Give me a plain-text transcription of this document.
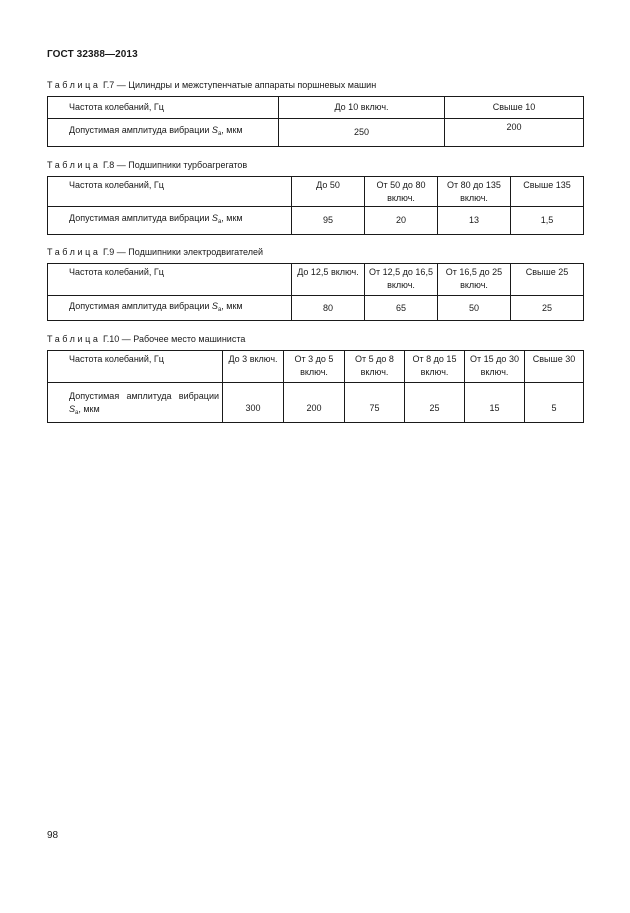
ГОСТ 32388—2013
Таблица Г.7 — Цилиндры и межступенчатые аппараты поршневых машин
Частота колебаний, Гц	До 10 включ.	Свыше 10
Допустимая амплитуда вибрации $S_a$, мкм	250	200
Таблица Г.8 — Подшипники турбоагрегатов
Частота колебаний, Гц	До 50	От 50 до 80 включ.	От 80 до 135 включ.	Свыше 135
Допустимая амплитуда вибрации $S_a$, мкм	95	20	13	1,5
Таблица Г.9 — Подшипники электродвигателей
Частота колебаний, Гц	До 12,5 включ.	От 12,5 до 16,5 включ.	От 16,5 до 25 включ.	Свыше 25
Допустимая амплитуда вибрации $S_a$, мкм	80	65	50	25
Таблица Г.10 — Рабочее место машиниста
Частота колебаний, Гц	До 3 включ.	От 3 до 5 включ.	От 5 до 8 включ.	От 8 до 15 включ.	От 15 до 30 включ.	Свыше 30
Допустимая амплитуда вибрации $S_a$, мкм	300	200	75	25	15	5
98
